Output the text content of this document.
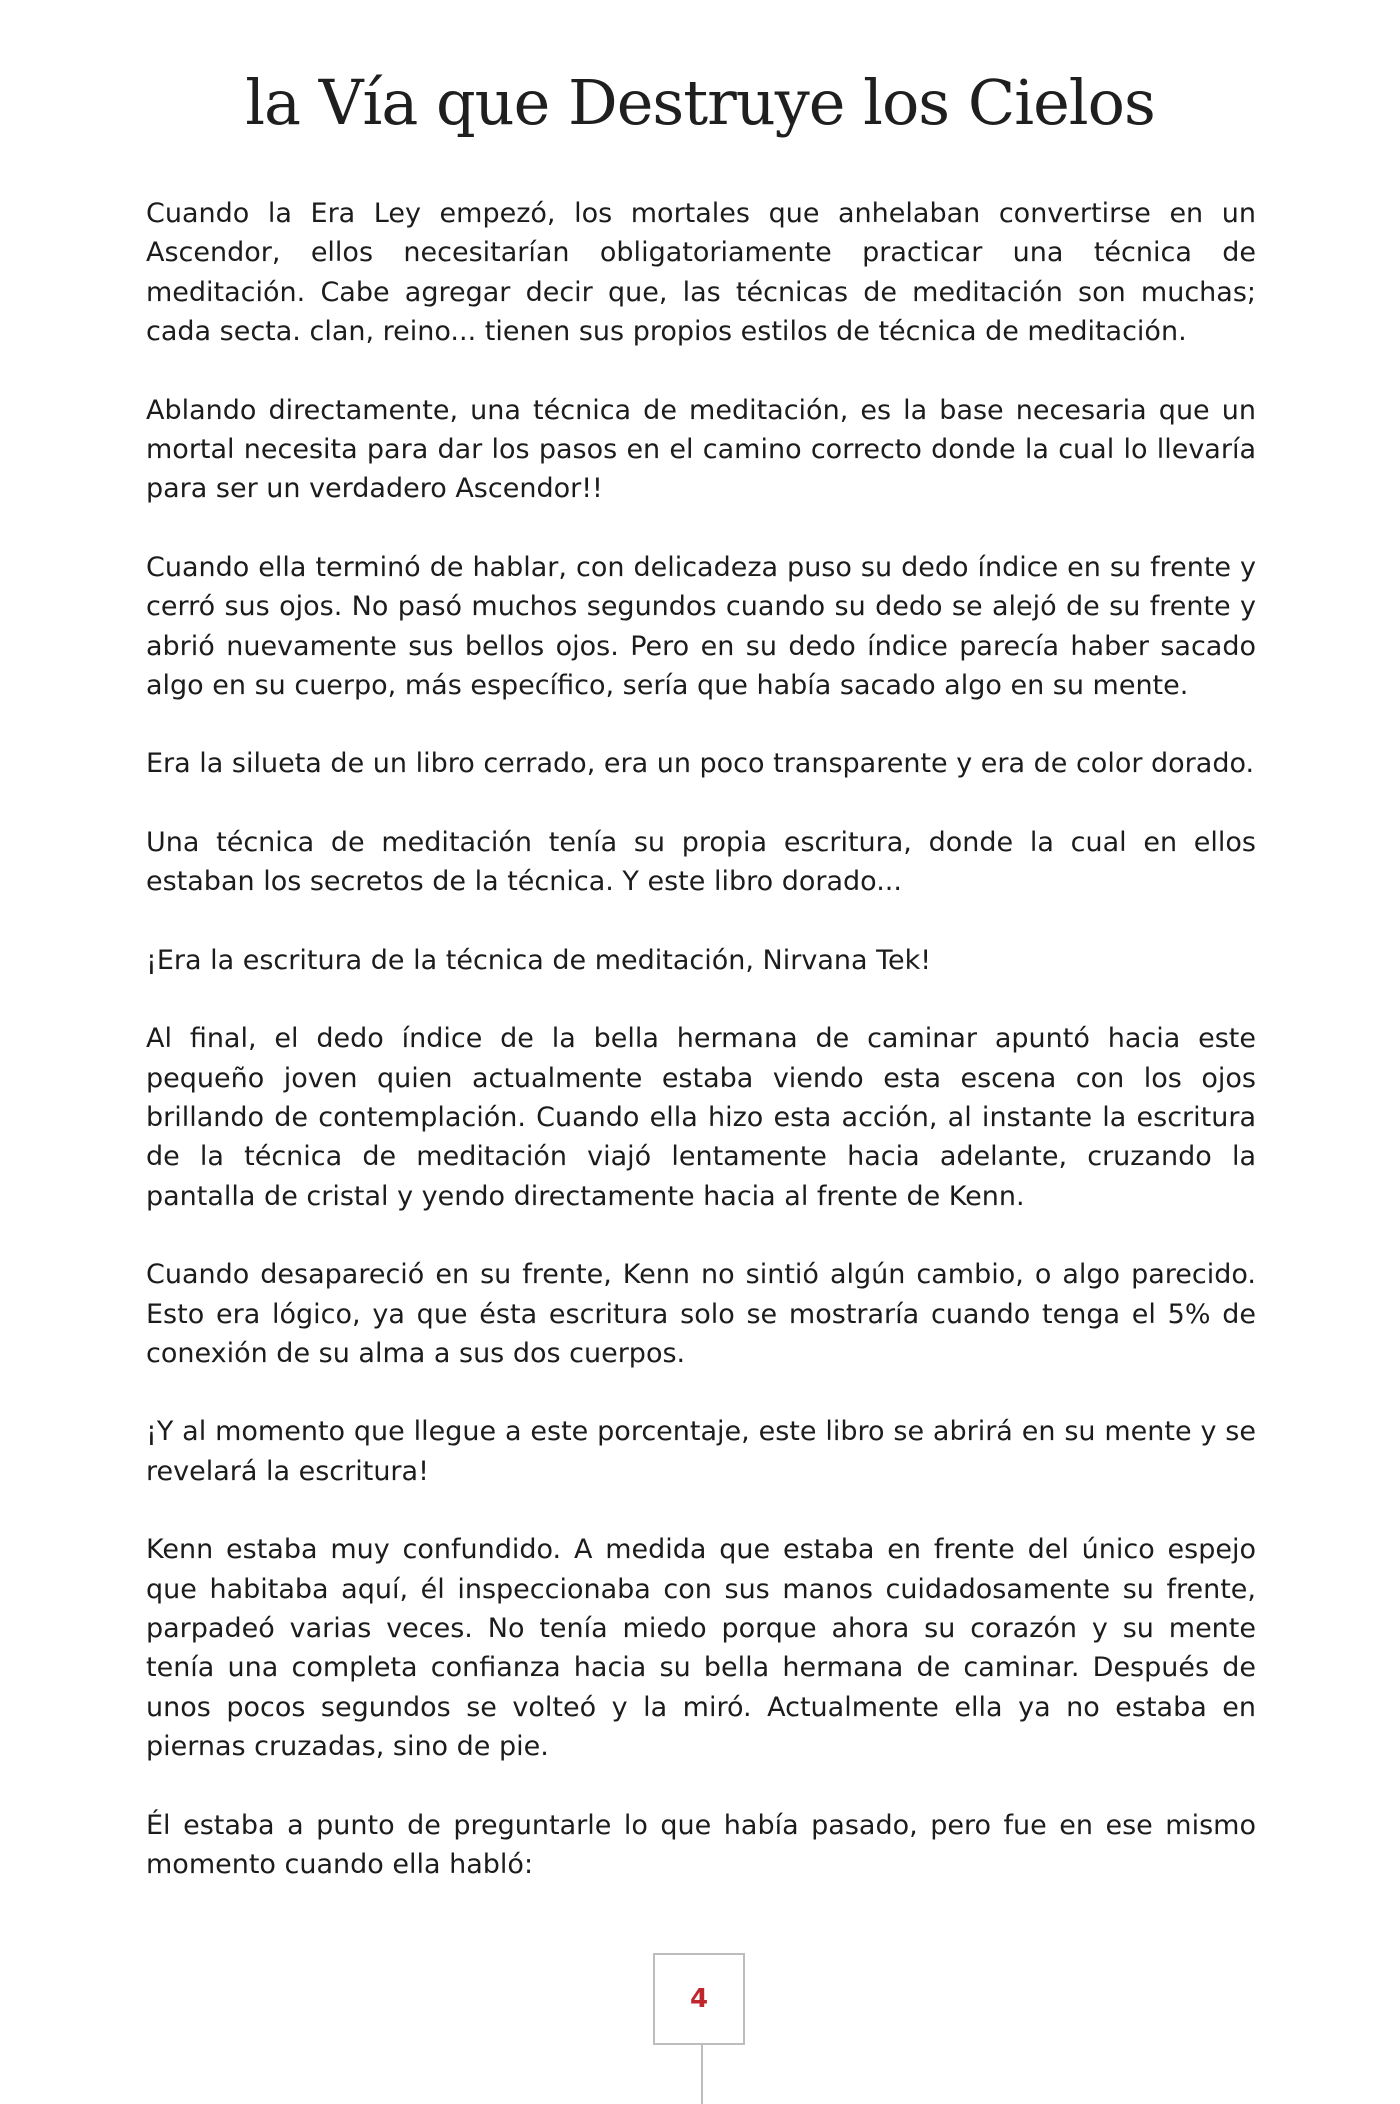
la Vía que Destruye los Cielos

Cuando la Era Ley empezó, los mortales que anhelaban convertirse en un Ascendor, ellos necesitarían obligatoriamente practicar una técnica de meditación. Cabe agregar decir que, las técnicas de meditación son muchas; cada secta. clan, reino... tienen sus propios estilos de técnica de meditación.

Ablando directamente, una técnica de meditación, es la base necesaria que un mortal necesita para dar los pasos en el camino correcto donde la cual lo llevaría para ser un verdadero Ascendor!!

Cuando ella terminó de hablar, con delicadeza puso su dedo índice en su frente y cerró sus ojos. No pasó muchos segundos cuando su dedo se alejó de su frente y abrió nuevamente sus bellos ojos. Pero en su dedo índice parecía haber sacado algo en su cuerpo, más específico, sería que había sacado algo en su mente.

Era la silueta de un libro cerrado, era un poco transparente y era de color dorado.

Una técnica de meditación tenía su propia escritura, donde la cual en ellos estaban los secretos de la técnica. Y este libro dorado...

¡Era la escritura de la técnica de meditación, Nirvana Tek!

Al final, el dedo índice de la bella hermana de caminar apuntó hacia este pequeño joven quien actualmente estaba viendo esta escena con los ojos brillando de contemplación. Cuando ella hizo esta acción, al instante la escritura de la técnica de meditación viajó lentamente hacia adelante, cruzando la pantalla de cristal y yendo directamente hacia al frente de Kenn.

Cuando desapareció en su frente, Kenn no sintió algún cambio, o algo parecido. Esto era lógico, ya que ésta escritura solo se mostraría cuando tenga el 5% de conexión de su alma a sus dos cuerpos.

¡Y al momento que llegue a este porcentaje, este libro se abrirá en su mente y se revelará la escritura!

Kenn estaba muy confundido. A medida que estaba en frente del único espejo que habitaba aquí, él inspeccionaba con sus manos cuidadosamente su frente, parpadeó varias veces. No tenía miedo porque ahora su corazón y su mente tenía una completa confianza hacia su bella hermana de caminar. Después de unos pocos segundos se volteó y la miró. Actualmente ella ya no estaba en piernas cruzadas, sino de pie.

Él estaba a punto de preguntarle lo que había pasado, pero fue en ese mismo momento cuando ella habló:

4
